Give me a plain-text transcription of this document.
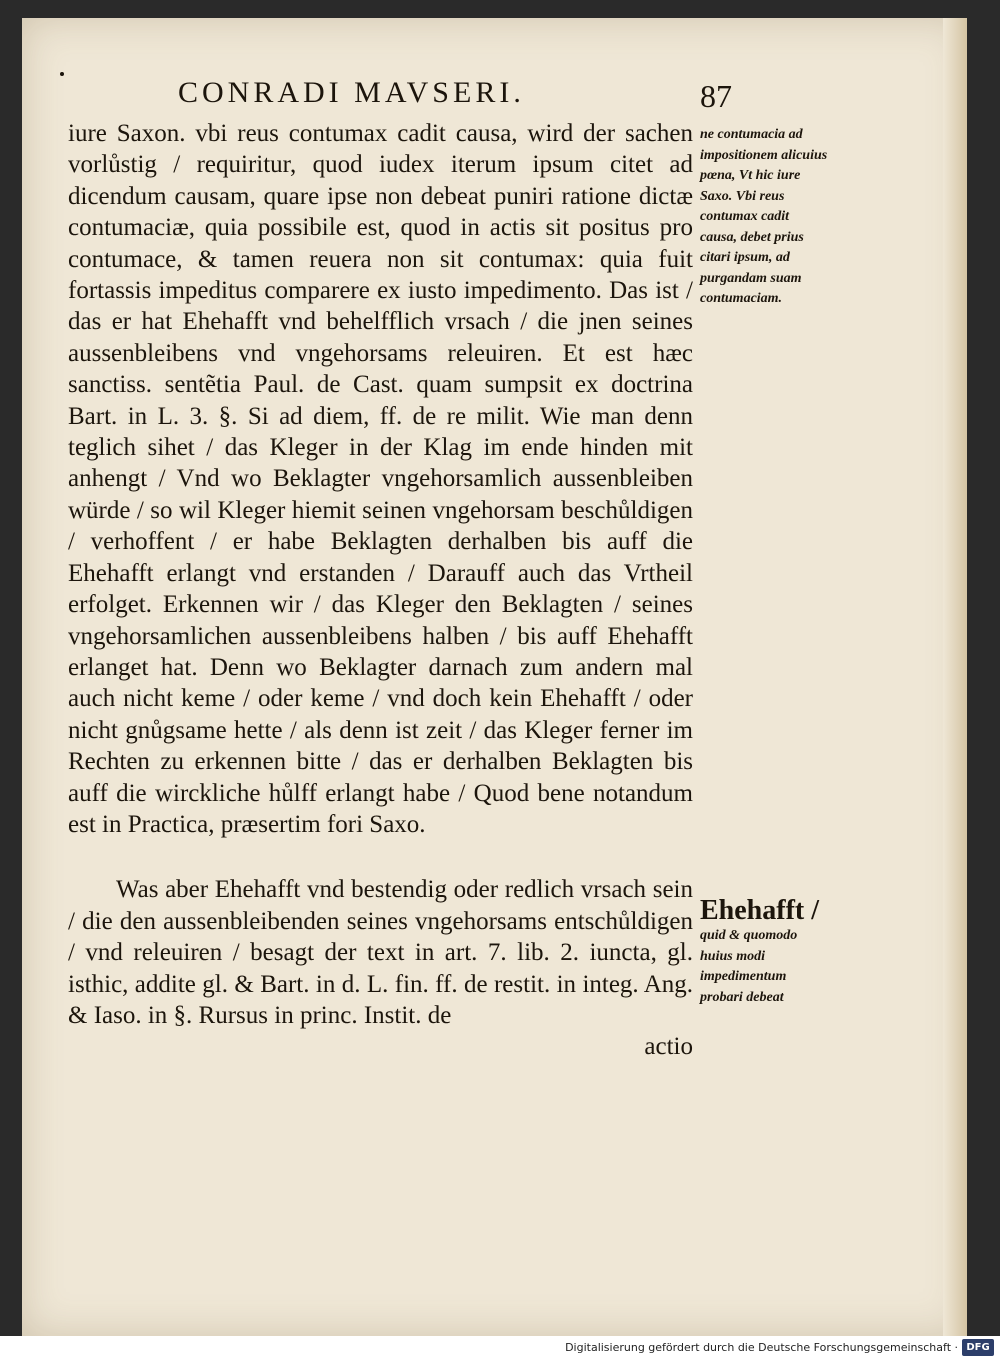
CONRADI MAVSERI.	87

iure Saxon. vbi reus contumax cadit causa, wird der sachen vorlůstig / requiritur, quod iudex iterum ipsum citet ad dicendum causam, quare ipse non debeat puniri ratione dictæ contumaciæ, quia possibile est, quod in actis sit positus pro contumace, & tamen reuera non sit contumax: quia fuit fortassis impeditus comparere ex iusto impedimento. Das ist / das er hat Ehehafft vnd behelfflich vrsach / die jnen seines aussenbleibens vnd vngehorsams releuiren. Et est hæc sanctiss. sentẽtia Paul. de Cast. quam sumpsit ex doctrina Bart. in L. 3. §. Si ad diem, ff. de re milit. Wie man denn teglich sihet / das Kleger in der Klag im ende hinden mit anhengt / Vnd wo Beklagter vngehorsamlich aussenbleiben würde / so wil Kleger hiemit seinen vngehorsam beschůldigen / verhoffent / er habe Beklagten derhalben bis auff die Ehehafft erlangt vnd erstanden / Darauff auch das Vrtheil erfolget. Erkennen wir / das Kleger den Beklagten / seines vngehorsamlichen aussenbleibens halben / bis auff Ehehafft erlanget hat. Denn wo Beklagter darnach zum andern mal auch nicht keme / oder keme / vnd doch kein Ehehafft / oder nicht gnůgsame hette / als denn ist zeit / das Kleger ferner im Rechten zu erkennen bitte / das er derhalben Beklagten bis auff die wirckliche hůlff erlangt habe / Quod bene notandum est in Practica, præsertim fori Saxo.

Was aber Ehehafft vnd bestendig oder redlich vrsach sein / die den aussenbleibenden seines vngehorsams entschůldigen / vnd releuiren / besagt der text in art. 7. lib. 2. iuncta, gl. isthic, addite gl. & Bart. in d. L. fin. ff. de restit. in integ. Ang. & Iaso. in §. Rursus in princ. Instit. de

actio

ne contumacia ad impositionem alicuius pœna, Vt hic iure Saxo. Vbi reus contumax cadit causa, debet prius citari ipsum, ad purgandam suam contumaciam.
Ehehafft /
quid & quomodo huius modi impedimentum probari debeat
Digitalisierung gefördert durch die Deutsche Forschungsgemeinschaft · DFG
